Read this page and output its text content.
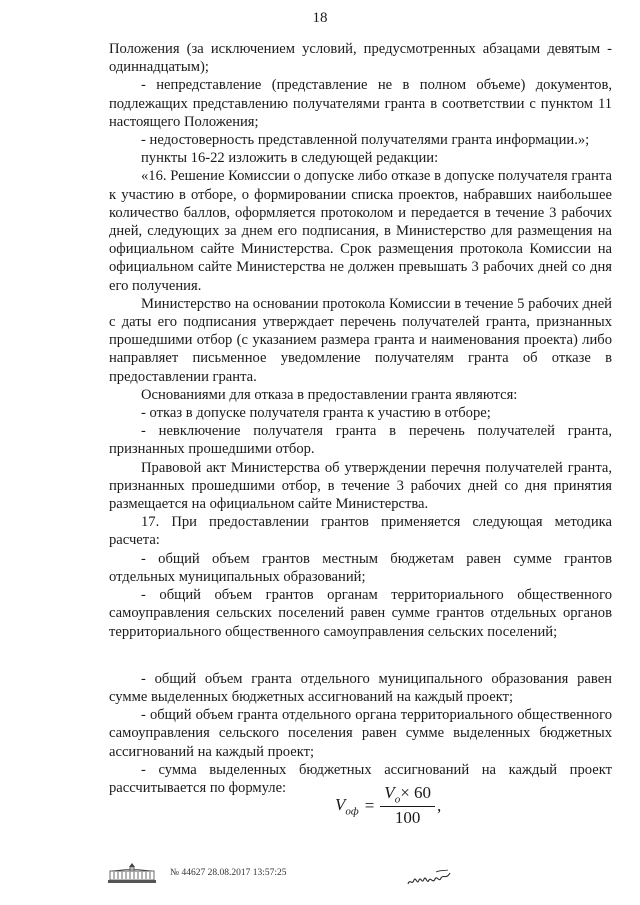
18

Положения (за исключением условий, предусмотренных абзацами девятым - одиннадцатым);

- непредставление (представление не в полном объеме) документов, подлежащих представлению получателями гранта в соответствии с пунктом 11 настоящего Положения;

- недостоверность представленной получателями гранта информации.»;

пункты 16-22 изложить в следующей редакции:

«16. Решение Комиссии о допуске либо отказе в допуске получателя гранта к участию в отборе, о формировании списка проектов, набравших наибольшее количество баллов, оформляется протоколом и передается в течение 3 рабочих дней, следующих за днем его подписания, в Министерство для размещения на официальном сайте Министерства. Срок размещения протокола Комиссии на официальном сайте Министерства не должен превышать 3 рабочих дней со дня его получения.

Министерство на основании протокола Комиссии в течение 5 рабочих дней с даты его подписания утверждает перечень получателей гранта, признанных прошедшими отбор (с указанием размера гранта и наименования проекта) либо направляет письменное уведомление получателям гранта об отказе в предоставлении гранта.

Основаниями для отказа в предоставлении гранта являются:

- отказ в допуске получателя гранта к участию в отборе;

- невключение получателя гранта в перечень получателей гранта, признанных прошедшими отбор.

Правовой акт Министерства об утверждении перечня получателей гранта, признанных прошедшими отбор, в течение 3 рабочих дней со дня принятия размещается на официальном сайте Министерства.

17. При предоставлении грантов применяется следующая методика расчета:

- общий объем грантов местным бюджетам равен сумме грантов отдельных муниципальных образований;

- общий объем грантов органам территориального общественного самоуправления сельских поселений равен сумме грантов отдельных органов территориального общественного самоуправления сельских поселений;

- общий объем гранта отдельного муниципального образования равен сумме выделенных бюджетных ассигнований на каждый проект;

- общий объем гранта отдельного органа территориального общественного самоуправления сельского поселения равен сумме выделенных бюджетных ассигнований на каждый проект;

- сумма выделенных бюджетных ассигнований на каждый проект рассчитывается по формуле:

$V_{оф} = \frac{V_о\times 60}{100}$ ,
№ 44627 28.08.2017 13:57:25
